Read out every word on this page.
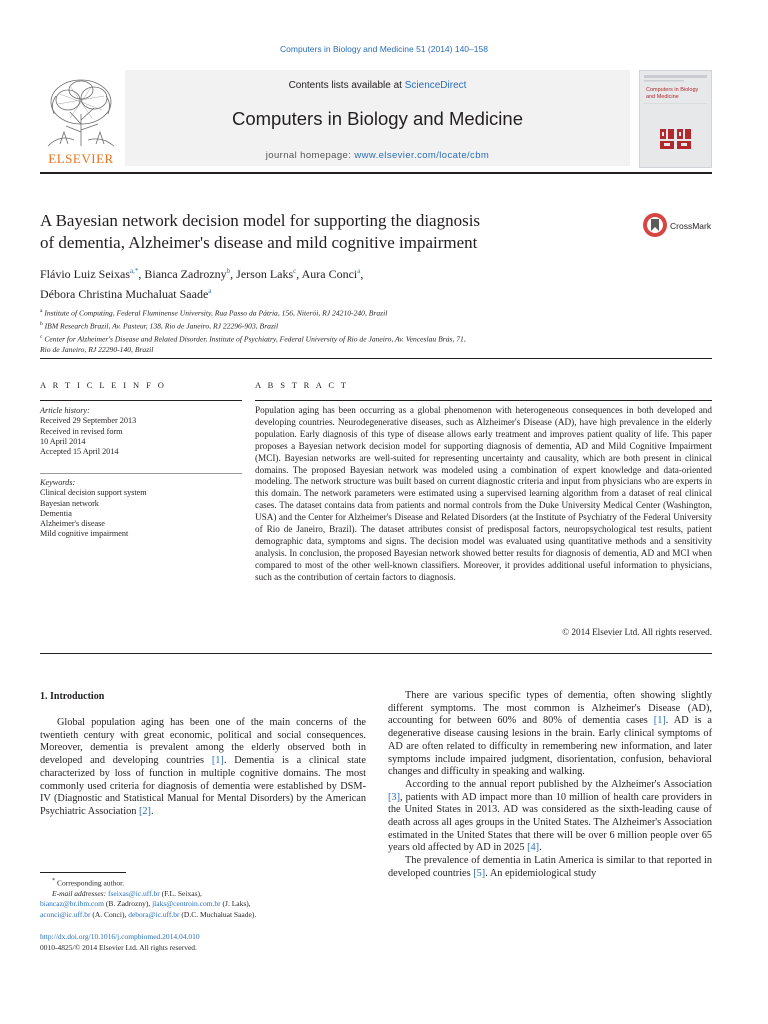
Computers in Biology and Medicine 51 (2014) 140–158
ELSEVIER
Contents lists available at ScienceDirect
Computers in Biology and Medicine
journal homepage: www.elsevier.com/locate/cbm
Computers in Biology and Medicine
A Bayesian network decision model for supporting the diagnosis
of dementia, Alzheimer's disease and mild cognitive impairment
CrossMark
Flávio Luiz Seixas$^{a,*}$, Bianca Zadrozny$^b$, Jerson Laks$^c$, Aura Conci$^a$,
Débora Christina Muchaluat Saade$^a$
$^a$ Institute of Computing, Federal Fluminense University, Rua Passo da Pátria, 156, Niterói, RJ 24210-240, Brazil
$^b$ IBM Research Brazil, Av. Pasteur, 138, Rio de Janeiro, RJ 22296-903, Brazil
$^c$ Center for Alzheimer's Disease and Related Disorder, Institute of Psychiatry, Federal University of Rio de Janeiro, Av. Venceslau Brás, 71,
Rio de Janeiro, RJ 22290-140, Brazil
A R T I C L E I N F O
Article history:
Received 29 September 2013
Received in revised form
10 April 2014
Accepted 15 April 2014
Keywords:
Clinical decision support system
Bayesian network
Dementia
Alzheimer's disease
Mild cognitive impairment
A B S T R A C T
Population aging has been occurring as a global phenomenon with heterogeneous consequences in both developed and developing countries. Neurodegenerative diseases, such as Alzheimer's Disease (AD), have high prevalence in the elderly population. Early diagnosis of this type of disease allows early treatment and improves patient quality of life. This paper proposes a Bayesian network decision model for supporting diagnosis of dementia, AD and Mild Cognitive Impairment (MCI). Bayesian networks are well-suited for representing uncertainty and causality, which are both present in clinical domains. The proposed Bayesian network was modeled using a combination of expert knowledge and data-oriented modeling. The network structure was built based on current diagnostic criteria and input from physicians who are experts in this domain. The network parameters were estimated using a supervised learning algorithm from a dataset of real clinical cases. The dataset contains data from patients and normal controls from the Duke University Medical Center (Washington, USA) and the Center for Alzheimer's Disease and Related Disorders (at the Institute of Psychiatry of the Federal University of Rio de Janeiro, Brazil). The dataset attributes consist of predisposal factors, neuropsychological test results, patient demographic data, symptoms and signs. The decision model was evaluated using quantitative methods and a sensitivity analysis. In conclusion, the proposed Bayesian network showed better results for diagnosis of dementia, AD and MCI when compared to most of the other well-known classifiers. Moreover, it provides additional useful information to physicians, such as the contribution of certain factors to diagnosis.
© 2014 Elsevier Ltd. All rights reserved.
1. Introduction

Global population aging has been one of the main concerns of the twentieth century with great economic, political and social consequences. Moreover, dementia is prevalent among the elderly observed both in developed and developing countries [1]. Dementia is a clinical state characterized by loss of function in multiple cognitive domains. The most commonly used criteria for diagnosis of dementia were established by DSM-IV (Diagnostic and Statistical Manual for Mental Disorders) by the American Psychiatric Association [2].

There are various specific types of dementia, often showing slightly different symptoms. The most common is Alzheimer's Disease (AD), accounting for between 60% and 80% of dementia cases [1]. AD is a degenerative disease causing lesions in the brain. Early clinical symptoms of AD are often related to difficulty in remembering new information, and later symptoms include impaired judgment, disorientation, confusion, behavioral changes and difficulty in speaking and walking.

According to the annual report published by the Alzheimer's Association [3], patients with AD impact more than 10 million of health care providers in the United States in 2013. AD was considered as the sixth-leading cause of death across all ages groups in the United States. The Alzheimer's Association estimated in the United States that there will be over 6 million people over 65 years old affected by AD in 2025 [4].

The prevalence of dementia in Latin America is similar to that reported in developed countries [5]. An epidemiological study

* Corresponding author.
E-mail addresses: fseixas@ic.uff.br (F.L. Seixas),
biancaz@br.ibm.com (B. Zadrozny), jlaks@centroin.com.br (J. Laks),
aconci@ic.uff.br (A. Conci), debora@ic.uff.br (D.C. Muchaluat Saade).
http://dx.doi.org/10.1016/j.compbiomed.2014.04.010
0010-4825/© 2014 Elsevier Ltd. All rights reserved.
